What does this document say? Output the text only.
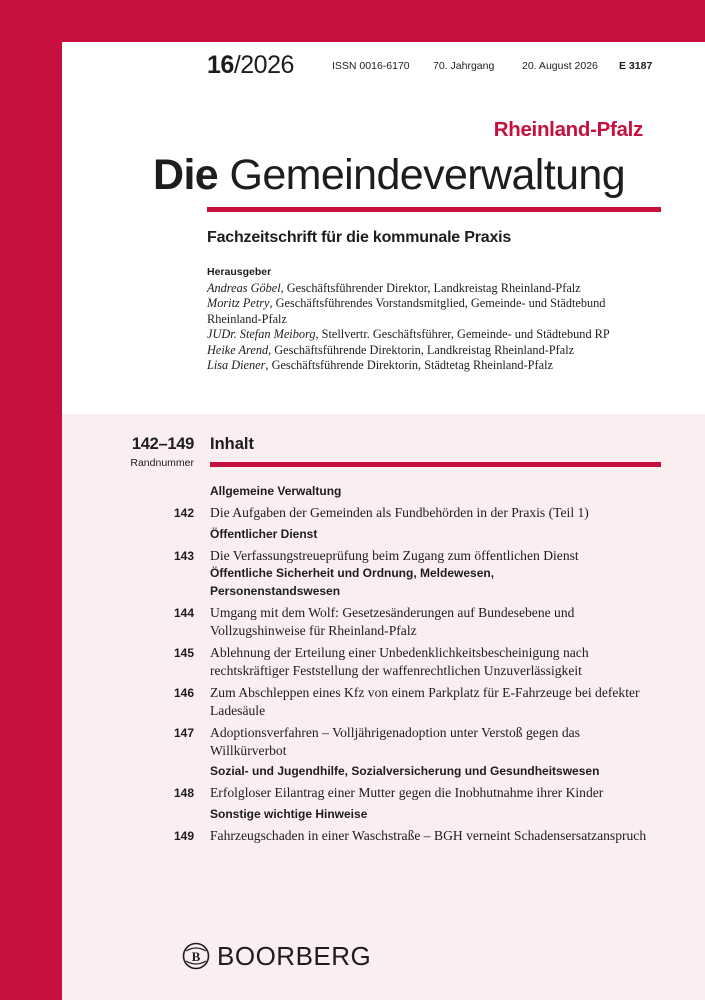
16/2026	ISSN 0016-6170 70. Jahrgang	20. August 2026 E 3187
Rheinland-Pfalz
Die Gemeindeverwaltung
Fachzeitschrift für die kommunale Praxis
Herausgeber
Andreas Göbel, Geschäftsführender Direktor, Landkreistag Rheinland-Pfalz
Moritz Petry, Geschäftsführendes Vorstandsmitglied, Gemeinde- und Städtebund
Rheinland-Pfalz
JUDr. Stefan Meiborg, Stellvertr. Geschäftsführer, Gemeinde- und Städtebund RP
Heike Arend, Geschäftsführende Direktorin, Landkreistag Rheinland-Pfalz
Lisa Diener, Geschäftsführende Direktorin, Städtetag Rheinland-Pfalz
142–149
Randnummer
Inhalt
Allgemeine Verwaltung
142 Die Aufgaben der Gemeinden als Fundbehörden in der Praxis (Teil 1)
Öffentlicher Dienst
143 Die Verfassungstreueprüfung beim Zugang zum öffentlichen Dienst
Öffentliche Sicherheit und Ordnung, Meldewesen,
Personenstandswesen
144 Umgang mit dem Wolf: Gesetzesänderungen auf Bundesebene und Vollzugshinweise für Rheinland-Pfalz
145 Ablehnung der Erteilung einer Unbedenklichkeitsbescheinigung nach rechtskräftiger Feststellung der waffenrechtlichen Unzuverlässigkeit
146 Zum Abschleppen eines Kfz von einem Parkplatz für E-Fahrzeuge bei defekter Ladesäule
147 Adoptionsverfahren – Volljährigenadoption unter Verstoß gegen das Willkürverbot
Sozial- und Jugendhilfe, Sozialversicherung und Gesundheitswesen
148 Erfolgloser Eilantrag einer Mutter gegen die Inobhutnahme ihrer Kinder
Sonstige wichtige Hinweise
149 Fahrzeugschaden in einer Waschstraße – BGH verneint Schadensersatzanspruch
B BOORBERG
